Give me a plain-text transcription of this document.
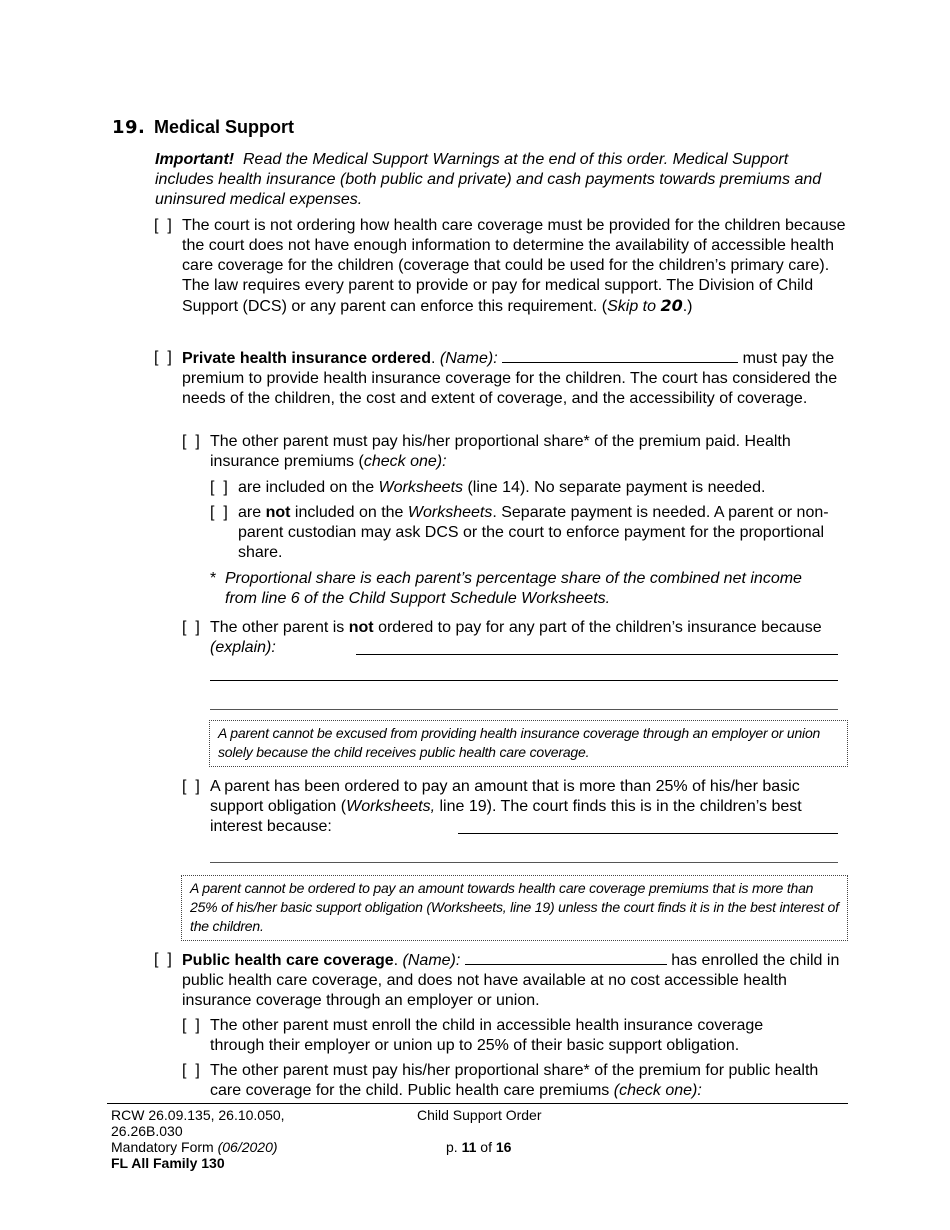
19. Medical Support
Important! Read the Medical Support Warnings at the end of this order. Medical Support includes health insurance (both public and private) and cash payments towards premiums and uninsured medical expenses.
[  ] The court is not ordering how health care coverage must be provided for the children because the court does not have enough information to determine the availability of accessible health care coverage for the children (coverage that could be used for the children’s primary care). The law requires every parent to provide or pay for medical support. The Division of Child Support (DCS) or any parent can enforce this requirement. (Skip to 20.)
[  ] Private health insurance ordered. (Name):	must pay the premium to provide health insurance coverage for the children. The court has considered the needs of the children, the cost and extent of coverage, and the accessibility of coverage.
[  ] The other parent must pay his/her proportional share* of the premium paid. Health insurance premiums (check one):
[  ] are included on the Worksheets (line 14). No separate payment is needed.
[  ] are not included on the Worksheets. Separate payment is needed. A parent or non-parent custodian may ask DCS or the court to enforce payment for the proportional share.
* Proportional share is each parent’s percentage share of the combined net income from line 6 of the Child Support Schedule Worksheets.
[  ] The other parent is not ordered to pay for any part of the children’s insurance because (explain):
A parent cannot be excused from providing health insurance coverage through an employer or union solely because the child receives public health care coverage.
[  ] A parent has been ordered to pay an amount that is more than 25% of his/her basic support obligation (Worksheets, line 19). The court finds this is in the children’s best interest because:
A parent cannot be ordered to pay an amount towards health care coverage premiums that is more than 25% of his/her basic support obligation (Worksheets, line 19) unless the court finds it is in the best interest of the children.
[  ] Public health care coverage. (Name):	has enrolled the child in public health care coverage, and does not have available at no cost accessible health insurance coverage through an employer or union.
[  ] The other parent must enroll the child in accessible health insurance coverage through their employer or union up to 25% of their basic support obligation.
[  ] The other parent must pay his/her proportional share* of the premium for public health care coverage for the child. Public health care premiums (check one):
RCW 26.09.135, 26.10.050,
26.26B.030
Mandatory Form (06/2020)
FL All Family 130
Child Support Order
p. 11 of 16
